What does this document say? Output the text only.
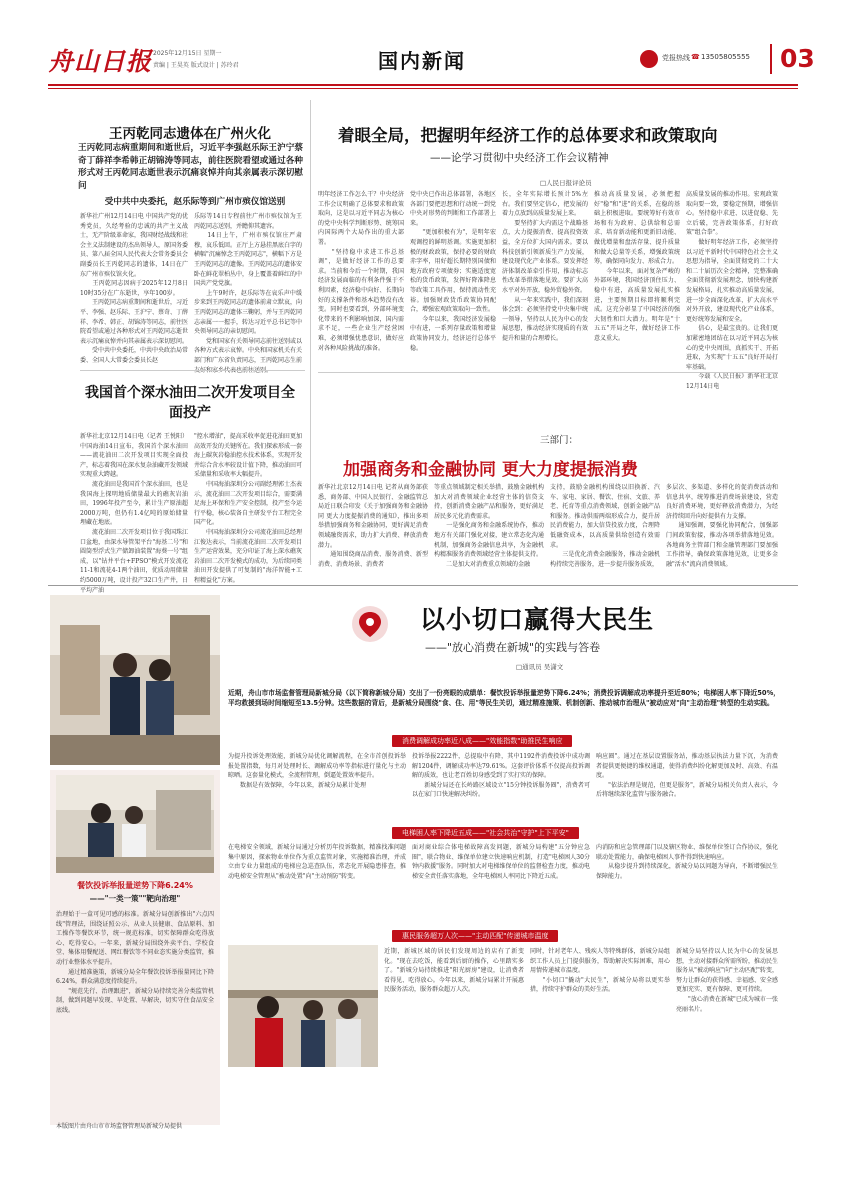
舟山日报 2025年12月15日 星期一
责编 | 王昊英 版式设计 | 苏玲君	国内新闻	党报热线 ☎ 13505805555 03
王丙乾同志遗体在广州火化
王丙乾同志病重期间和逝世后，习近平李强赵乐际王沪宁蔡奇丁薛祥李希韩正胡锦涛等同志，前往医院看望或通过各种形式对王丙乾同志逝世表示沉痛哀悼并向其亲属表示深切慰问
受中共中央委托，赵乐际等到广州市殡仪馆送别
新华社广州12月14日电 中国共产党的优秀党员，久经考验的忠诚的共产主义战士，无产阶级革命家，我国财经战线和社会主义法制建设的杰出领导人，原国务委员、第八届全国人民代表大会常务委员会副委员长王丙乾同志的遗体，14日在广东广州市殡仪馆火化。
　　王丙乾同志因病于2025年12月8日10时35分在广东逝世，享年100岁。
　　王丙乾同志病重期间和逝世后，习近平、李强、赵乐际、王沪宁、蔡奇、丁薛祥、李希、韩正、胡锦涛等同志，前往医院看望或通过各种形式对王丙乾同志逝世表示沉痛哀悼并向其亲属表示深切慰问。
　　受中共中央委托，中共中央政治局常委、全国人大常委会委员长赵
乐际等14日专程前往广州市殡仪馆为王丙乾同志送别，并瞻仰其遗容。
　　14日上午，广州市殡仪馆庄严肃穆，哀乐低回。正厅上方悬挂黑底白字的横幅"沉痛悼念王丙乾同志"，横幅下方是王丙乾同志的遗像。王丙乾同志的遗体安卧在鲜花翠柏丛中，身上覆盖着鲜红的中国共产党党旗。
　　上午9时许，赵乐际等在哀乐声中缓步来到王丙乾同志的遗体前肃立默哀，向王丙乾同志的遗体三鞠躬，并与王丙乾同志亲属一一握手，转达习近平总书记等中央领导同志的亲切慰问。
　　党和国家有关领导同志前往送别或以各种方式表示哀悼。中央和国家机关有关部门和广东省负责同志，王丙乾同志生前
我国首个深水油田二次开发项目全面投产
新华社北京12月14日电（记者 王悦阳）中国海油14日宣布，我国首个深水油田——流花油田二次开发项目实现全面投产，标志着我国在深水复杂油藏开发领域实现重大跨越。
　　流花油田是我国首个深水油田，也是我国海上探明地质储量最大的礁灰岩油田，1996年投产至今，累计生产原油超2000万吨，但仍有1.4亿吨的原始储量埋藏在地底。
　　流花油田二次开发项目位于我国珠江口盆地，由深水导管架平台"海基二号"和圆筒型浮式生产储卸油装置"海葵一号"组成，以"钻井平台+FPSO"模式开发流花11-1和流花4-1两个油田，优质动用储量约5000万吨，设计投产32口生产井，日平均产油
"控水增油"，提高采收率促进花油田更加高效开发的关键所在。我们探索形成一套海上碳灰岩稳油控水技术体系，实现开发井综合含水率较设计值下降，推动油田可采储量和采收率大幅提升。
　　中国海油深圳分公司副经理郭士杰表示，流花油田二次开发项目综合，需要满足海上环保和生产安全控制，投产至今运行平稳，核心装备自主研发平台工程完全国产化。
　　中国海油深圳分公司流花油田总经理江俊达表示，当前流花油田二次开发项目生产运营效果，充分印证了海上深水礁灰岩油田二次开发模式的成功，为后续同类油田开发提供了可复制的"海洋智能+工程精益化"方案。
着眼全局，把握明年经济工作的总体要求和政策取向
——论学习贯彻中央经济工作会议精神
□人民日报评论员
明年经济工作怎么干？中央经济工作会议明确了总体要求和政策取向，这是以习近平同志为核心的党中央科学判断形势、统筹国内国际两个大局作出的重大部署。
　　"坚持稳中求进工作总基调"，是做好经济工作的总要求。当前和今后一个时期，我国经济发展面临的有利条件强于不利因素，经济稳中向好、长期向好的支撑条件和基本趋势没有改变。同时也要看到，外部环境变化带来的不利影响加深，国内需求不足，一些企业生产经营困难，必须增强忧患意识，做好应对各种风险挑战的准备。
党中央已作出总体部署，各地区各部门要把思想和行动统一到党中央对形势的判断和工作部署上来。
　　"更加积极有为"，是明年宏观调控的鲜明基调。实施更加积极的财政政策，保持必要的财政赤字率，用好超长期特别国债和地方政府专项债券；实施适度宽松的货币政策，发挥好降准降息等政策工具作用，保持流动性充裕。加强财政货币政策协同配合，增强宏观政策取向一致性。
　　今年以来，我国经济发展稳中有进，一系列存量政策和增量政策协同发力，经济运行总体平稳。
长，全年实际增长预计5%左右。我们要坚定信心，把发展的着力点放到高质量发展上来。
　　要坚持扩大内需这个战略基点，大力提振消费、提高投资效益，全方位扩大国内需求。要以科技创新引领新质生产力发展，建设现代化产业体系。要发挥经济体制改革牵引作用，推动标志性改革举措落地见效。要扩大高水平对外开放，稳外贸稳外资。
　　从一年来实践中，我们深刻体会到：必须坚持党中央集中统一领导，坚持以人民为中心的发展思想，推动经济实现质的有效提升和量的合理增长。
推动高质量发展，必须把握好"稳"和"进"的关系，在稳的基础上积极进取。要统筹好有效市场和有为政府、总供给和总需求、培育新动能和更新旧动能、做优增量和盘活存量、提升质量和做大总量等关系，增强政策统筹，确保同向发力、形成合力。
　　今年以来，面对复杂严峻的外部环境，我国经济顶住压力、稳中有进，高质量发展扎实推进，主要预期目标即将顺利完成。这充分彰显了中国经济的强大韧性和巨大潜力。明年是"十五五"开局之年，做好经济工作意义重大。
高质量发展的推动作用。宏观政策取向要一致，要稳定预期，增强信心。坚持稳中求进、以进促稳、先立后破，完善政策体系，打好政策"组合拳"。
　　做好明年经济工作，必须坚持以习近平新时代中国特色社会主义思想为指导，全面贯彻党的二十大和二十届历次全会精神，完整准确全面贯彻新发展理念，加快构建新发展格局，扎实推动高质量发展，进一步全面深化改革，扩大高水平对外开放，建设现代化产业体系，更好统筹发展和安全。
　　信心，是最宝贵的。让我们更加紧密地团结在以习近平同志为核心的党中央周围，真抓实干、开拓进取，为实现"十五五"良好开局打牢基础。
　　今载《人民日报》新华社北京12月14日电
三部门：
加强商务和金融协同 更大力度提振消费
新华社北京12月14日电 记者从商务部获悉，商务部、中国人民银行、金融监管总局近日联合印发《关于加强商务和金融协同 更大力度提振消费的通知》，推出多项举措加强商务和金融协同，更好满足消费领域融资需求，助力扩大消费、释放消费潜力。
　　通知围绕商品消费、服务消费、新型消费、消费场景、消费者
等重点领域制定相关举措，鼓励金融机构加大对消费领域企业经营主体的信贷支持，创新消费金融产品和服务，更好满足居民多元化消费需求。
　　一是强化商务和金融系统协作，推动地方有关部门强化对接，建立常态化沟通机制，加强商务金融信息共享，为金融机构精准服务消费领域经营主体提供支持。
　　二是加大对消费重点领域的金融
支持，鼓励金融机构围绕以旧换新、汽车、家电、家居、餐饮、住宿、文旅、养老、托育等重点消费领域，创新金融产品和服务。推动供需两端形成合力，提升居民消费能力，加大信贷投放力度，合理降低融资成本，以高质量供给创造有效需求。
　　三是优化消费金融服务，推动金融机构持续完善服务，进一步提升服务质效，
多层次、多渠道、多样化的促消费活动和信息共享，统筹推进消费场景建设，营造良好消费环境，更好释放消费潜力，为经济持续回升向好提供有力支撑。
　　通知强调，要强化协同配合，加强部门间政策衔接，推动各项举措落地见效。各地商务主管部门和金融管理部门要加强工作指导，确保政策落地见效，让更多金融"活水"流向消费领域。
以小切口赢得大民生
——"放心消费在新城"的实践与答卷
□通讯员 吴潇文
近期，舟山市市场监督管理局新城分局（以下简称新城分局）交出了一份亮眼的成绩单：餐饮投诉举报量逆势下降6.24%；消费投诉调解成功率提升至近80%；电梯困人率下降近50%，平均救援到场时间缩短至13.5分钟。这些数据的背后，是新城分局围绕"食、住、用"等民生关切，通过精准施策、机制创新、推动城市治理从"被动应对"向"主动治理"转型的生动实践。
消费调解成功率近八成——"效能指数"助推民生响应
为提升投诉处理效能，新城分局优化调解流程，在全市首创投诉举报处置指数，每月对处理时长、调解成功率等指标进行量化与主动晾晒。这套量化模式，全流程管理，倒逼处置效率提升。
　　数据是有效保障，今年以来，新城分局累计处理
投诉举报2222件，总提取中有降，其中1192件消费投诉中成功调解1204件，调解成功率达79.61%。这套评价体系不仅提高投诉调解的质效，也让老百姓切身感受到了实打实的保障。
　　新城分局还在长岭路区域设立"15分钟投诉服务圈"，消费者可以在家门口快速解决纠纷。
响应圈"。通过在基层设置服务站，推动基层执法力量下沉，为消费者提供更便捷的维权通道，使得消费纠纷化解更加及时、高效、有温度。
　　"依法治理是规范，但更是服务"，新城分局相关负责人表示，今后将继续深化监管与服务融合。
电梯困人率下降近五成——"社会共治"守护"上下平安"
在电梯安全领域，新城分局通过分析历年投诉数据，精准找准问题集中原因，探索物业单位作为重点监管对象，实施精准治理，并成立由专业力量组成的电梯应急巡查队伍，常态化开展隐患排查，推动电梯安全管理从"被动处置"向"主动预防"转变。
面对商业综合体电梯故障高发问题，新城分局构建"五分钟应急圈"，联合物业、维保单位建立快速响应机制，打造"电梯困人30分钟内救援"服务。同时加大对电梯维保单位的监督检查力度，推动电梯安全责任落实落地，全年电梯困人率同比下降近五成。
内消防和应急管理部门以及辖区物业、维保单位签订合作协议，强化联动处置能力，确保电梯困人事件得到快速响应。
　　从稳步提升到持续深化，新城分局以问题为导向，不断增强民生保障能力。
餐饮投诉举报量逆势下降6.24%
——"一类一策""靶向治理"
治理始于一盒可见可感的标准。新城分局创新推出"六点四线"管理法，围绕证照公示、从业人员健康、食品原料、加工操作等餐饮环节，统一规范标准，切实保障群众吃得放心、吃得安心。一年来，新城分局围绕外卖平台、学校食堂、集体用餐配送、网红餐饮等不同业态实施分类监管，推动行业整体水平提升。
　　通过精准施策，新城分局全年餐饮投诉举报量同比下降6.24%，群众满意度持续提升。
　　"规范先行、治理跟进"，新城分局持续完善分类监管机制，做到问题早发现、早处置、早解决，切实守住食品安全底线。
惠民服务超万人次——"主动匹配"传递城市温度
近期，新城区域的居民们发现周边的店有了新变化。"现在去吃饭，能看到后厨的操作，心里踏实多了。"新城分局持续推进"阳光厨房"建设，让消费者看得见、吃得放心。今年以来，新城分局累计开展惠民服务活动，服务群众超万人次。
同时，针对老年人、残疾人等特殊群体，新城分局组织工作人员上门提供服务，帮助解决实际困难，用心用情传递城市温度。
　　"小切口"撬动"大民生"，新城分局将以更实举措，持续守护群众的美好生活。
新城分局坚持以人民为中心的发展思想，主动对接群众所需所盼，推动民生服务从"被动响应"向"主动匹配"转变，努力让群众的获得感、幸福感、安全感更加充实、更有保障、更可持续。
　　"放心消费在新城"已成为城市一张亮丽名片。
本版图片由舟山市市场监督管理局新城分局提供
